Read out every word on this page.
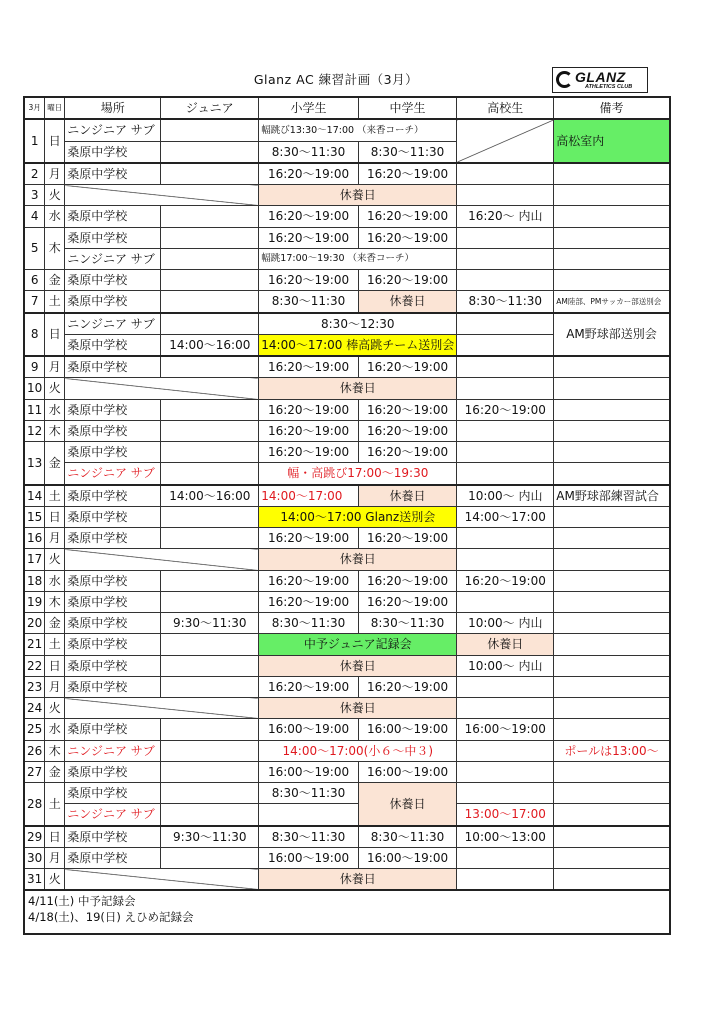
Glanz AC 練習計画（3月）	GLANZ
ATHLETICS CLUB
3月	曜日	場所	ジュニア	小学生	中学生	高校生	備考
1	日	ニンジニア サブ		幅跳び13:30～17:00 （来香コーチ）			高松室内
		桑原中学校		8:30～11:30	8:30～11:30		
2	月	桑原中学校		16:20～19:00	16:20～19:00		
3	火			休養日			
4	水	桑原中学校		16:20～19:00	16:20～19:00	16:20～ 内山	
5	木	桑原中学校		16:20～19:00	16:20～19:00		
		ニンジニア サブ		幅跳17:00～19:30 （来香コーチ）			
6	金	桑原中学校		16:20～19:00	16:20～19:00		
7	土	桑原中学校		8:30～11:30	休養日	8:30～11:30	AM陸部、PMサッカー部送別会
8	日	ニンジニア サブ		8:30～12:30			AM野球部送別会
		桑原中学校	14:00～16:00	14:00～17:00 棒高跳チーム送別会			
9	月	桑原中学校		16:20～19:00	16:20～19:00		
10	火			休養日			
11	水	桑原中学校		16:20～19:00	16:20～19:00	16:20～19:00	
12	木	桑原中学校		16:20～19:00	16:20～19:00		
13	金	桑原中学校		16:20～19:00	16:20～19:00		
		ニンジニア サブ		幅・高跳び17:00～19:30			
14	土	桑原中学校	14:00～16:00	14:00～17:00	休養日	10:00～ 内山	AM野球部練習試合
15	日	桑原中学校		14:00～17:00 Glanz送別会		14:00～17:00	
16	月	桑原中学校		16:20～19:00	16:20～19:00		
17	火			休養日			
18	水	桑原中学校		16:20～19:00	16:20～19:00	16:20～19:00	
19	木	桑原中学校		16:20～19:00	16:20～19:00		
20	金	桑原中学校	9:30～11:30	8:30～11:30	8:30～11:30	10:00～ 内山	
21	土	桑原中学校		中予ジュニア記録会		休養日	
22	日	桑原中学校		休養日		10:00～ 内山	
23	月	桑原中学校		16:20～19:00	16:20～19:00		
24	火			休養日			
25	水	桑原中学校		16:00～19:00	16:00～19:00	16:00～19:00	
26	木	ニンジニア サブ		14:00～17:00(小６～中３)			ポールは13:00～
27	金	桑原中学校		16:00～19:00	16:00～19:00		
28	土	桑原中学校		8:30～11:30	休養日		
		ニンジニア サブ				13:00～17:00	
29	日	桑原中学校	9:30～11:30	8:30～11:30	8:30～11:30	10:00～13:00	
30	月	桑原中学校		16:00～19:00	16:00～19:00		
31	火			休養日			

4/11(土) 中予記録会
4/18(土)、19(日) えひめ記録会							
